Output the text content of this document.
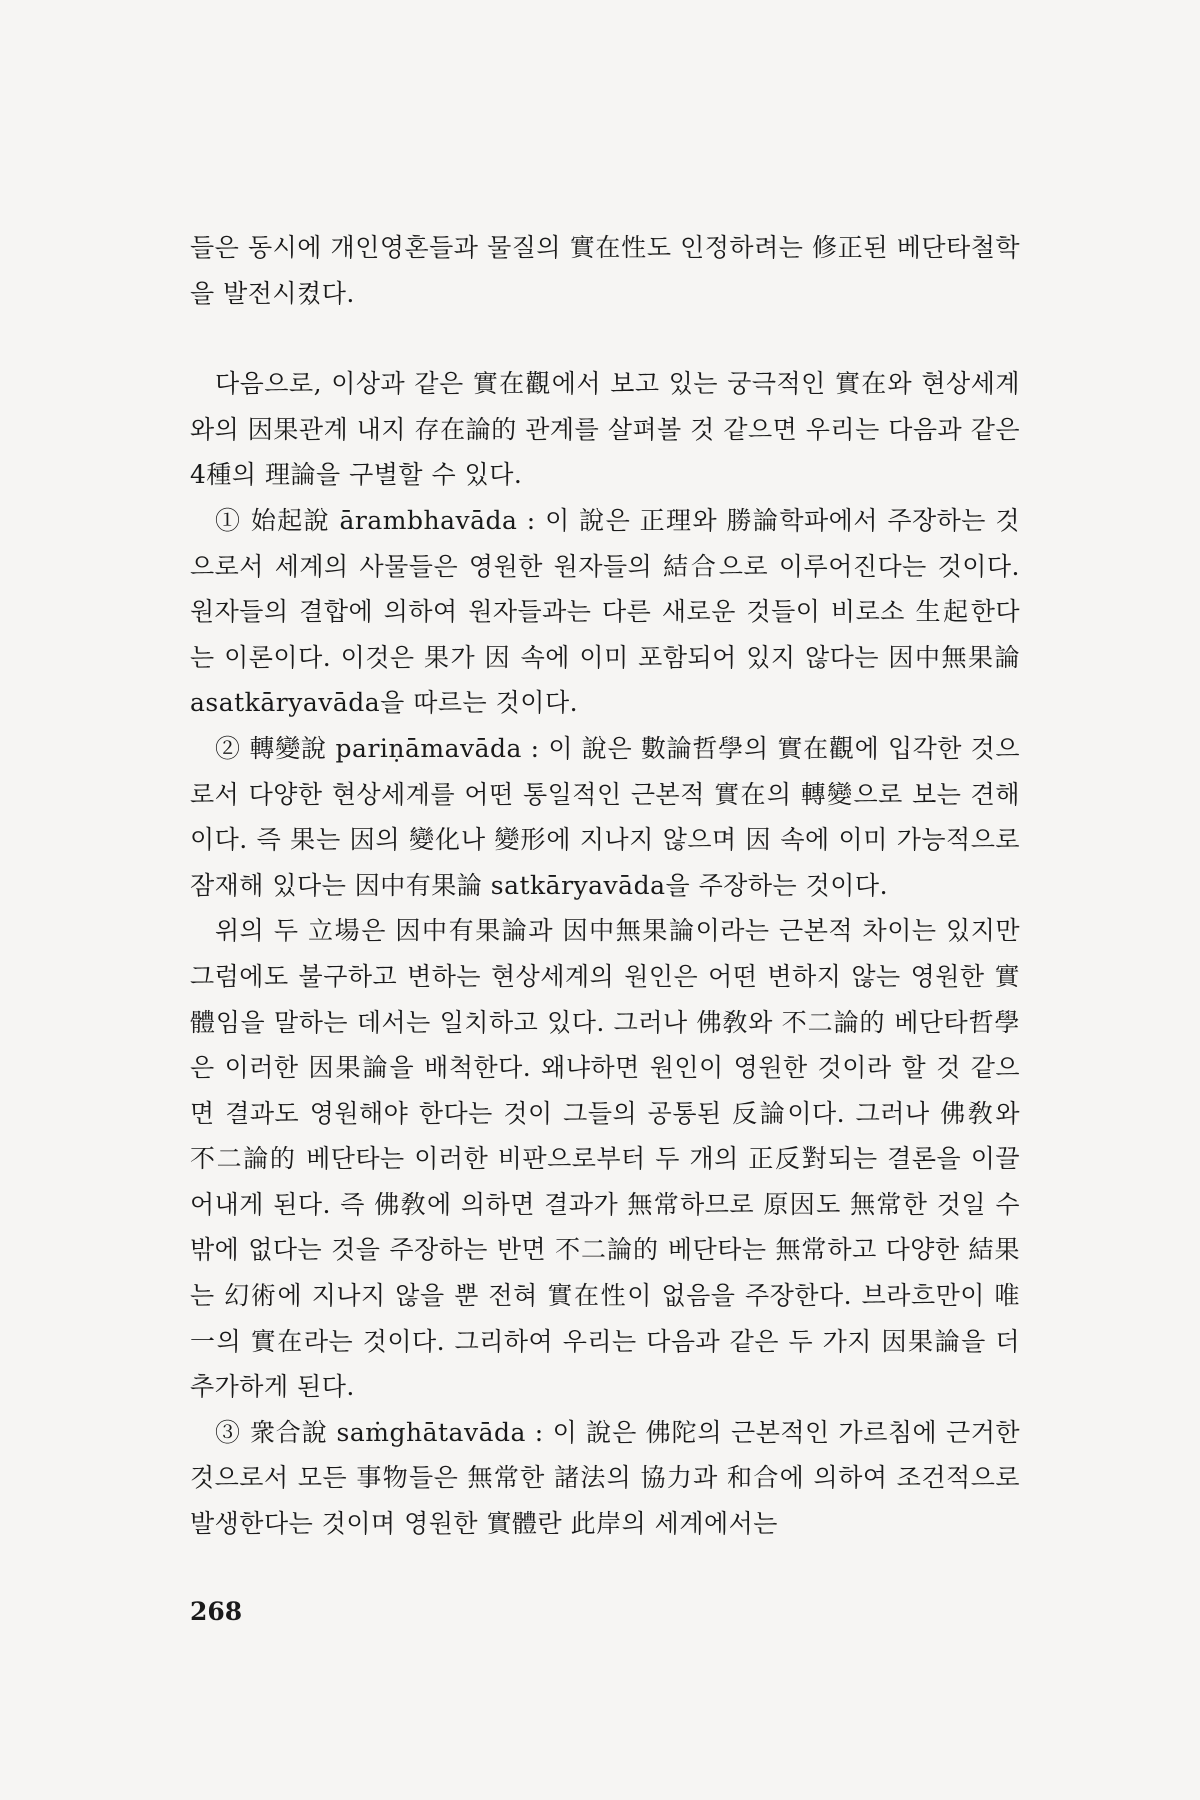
들은 동시에 개인영혼들과 물질의 實在性도 인정하려는 修正된 베단타철학을 발전시켰다.

다음으로, 이상과 같은 實在觀에서 보고 있는 궁극적인 實在와 현상세계와의 因果관계 내지 存在論的 관계를 살펴볼 것 같으면 우리는 다음과 같은 4種의 理論을 구별할 수 있다.

① 始起說 ārambhavāda : 이 說은 正理와 勝論학파에서 주장하는 것으로서 세계의 사물들은 영원한 원자들의 結合으로 이루어진다는 것이다. 원자들의 결합에 의하여 원자들과는 다른 새로운 것들이 비로소 生起한다는 이론이다. 이것은 果가 因 속에 이미 포함되어 있지 않다는 因中無果論 asatkāryavāda을 따르는 것이다.

② 轉變說 pariṇāmavāda : 이 說은 數論哲學의 實在觀에 입각한 것으로서 다양한 현상세계를 어떤 통일적인 근본적 實在의 轉變으로 보는 견해이다. 즉 果는 因의 變化나 變形에 지나지 않으며 因 속에 이미 가능적으로 잠재해 있다는 因中有果論 satkāryavāda을 주장하는 것이다.

위의 두 立場은 因中有果論과 因中無果論이라는 근본적 차이는 있지만 그럼에도 불구하고 변하는 현상세계의 원인은 어떤 변하지 않는 영원한 實體임을 말하는 데서는 일치하고 있다. 그러나 佛敎와 不二論的 베단타哲學은 이러한 因果論을 배척한다. 왜냐하면 원인이 영원한 것이라 할 것 같으면 결과도 영원해야 한다는 것이 그들의 공통된 反論이다. 그러나 佛敎와 不二論的 베단타는 이러한 비판으로부터 두 개의 正反對되는 결론을 이끌어내게 된다. 즉 佛敎에 의하면 결과가 無常하므로 原因도 無常한 것일 수밖에 없다는 것을 주장하는 반면 不二論的 베단타는 無常하고 다양한 結果는 幻術에 지나지 않을 뿐 전혀 實在性이 없음을 주장한다. 브라흐만이 唯一의 實在라는 것이다. 그리하여 우리는 다음과 같은 두 가지 因果論을 더 추가하게 된다.

③ 衆合說 saṁghātavāda : 이 說은 佛陀의 근본적인 가르침에 근거한 것으로서 모든 事物들은 無常한 諸法의 協力과 和合에 의하여 조건적으로 발생한다는 것이며 영원한 實體란 此岸의 세계에서는

268
